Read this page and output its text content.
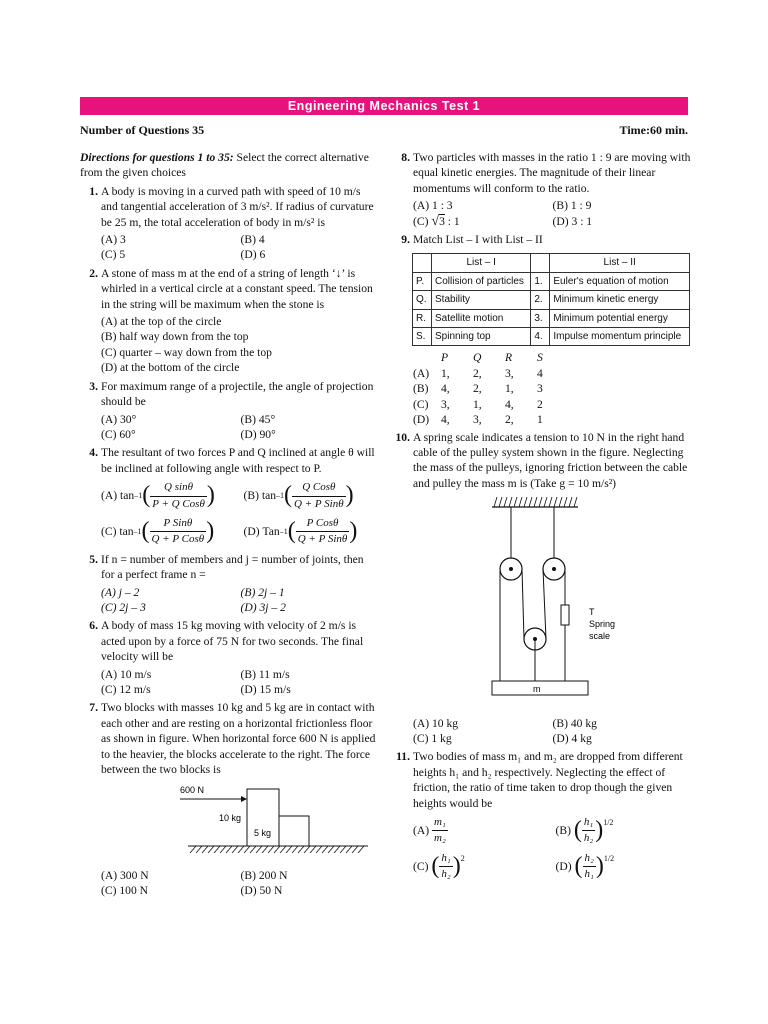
Engineering Mechanics Test 1
Number of Questions 35	Time:60 min.
Directions for questions 1 to 35: Select the correct alternative from the given choices
1. A body is moving in a curved path with speed of 10 m/s and tangential acceleration of 3 m/s². If radius of curvature be 25 m, the total acceleration of body in m/s² is
(A) 3	(B) 4
(C) 5	(D) 6
2. A stone of mass m at the end of a string of length ‘↓’ is whirled in a vertical circle at a constant speed. The tension in the string will be maximum when the stone is
(A) at the top of the circle
(B) half way down from the top
(C) quarter – way down from the top
(D) at the bottom of the circle
3. For maximum range of a projectile, the angle of projection should be
(A) 30°	(B) 45°
(C) 60°	(D) 90°
4. The resultant of two forces P and Q inclined at angle θ will be inclined at following angle with respect to P.
(A)
tan –1 ( $\frac{\text{Q sinθ}}{\text{P + Q Cosθ}}$ ) (B)
tan –1 ( $\frac{\text{Q Cosθ}}{\text{Q + P Sinθ}}$ )
(C)
tan –1 ( $\frac{\text{P Sinθ}}{\text{Q + P Cosθ}}$ )	(D)
Tan –1 ( $\frac{\text{P Cosθ}}{\text{Q + P Sinθ}}$ )
5. If n = number of members and j = number of joints, then for a perfect frame n =
(A) j – 2	(B) 2j – 1
(C) 2j – 3	(D) 3j – 2
6. A body of mass 15 kg moving with velocity of 2 m/s is acted upon by a force of 75 N for two seconds. The final velocity will be
(A) 10 m/s	(B) 11 m/s
(C) 12 m/s	(D) 15 m/s
7. Two blocks with masses 10 kg and 5 kg are in contact with each other and are resting on a horizontal frictionless floor as shown in figure. When horizontal force 600 N is applied to the heavier, the blocks accelerate to the right. The force between the two blocks is
600 N
10 kg
5 kg
(A) 300 N	(B) 200 N
(C) 100 N	(D) 50 N
8. Two particles with masses in the ratio 1 : 9 are moving with equal kinetic energies. The magnitude of their linear momentums will conform to the ratio.
(A) 1 : 3	(B) 1 : 9
(C) √3 : 1	(D) 3 : 1
9. Match List – I with List – II
	List – I		List – II
P.	Collision of particles	1.	Euler's equation of motion
Q.	Stability	2.	Minimum kinetic energy
R.	Satellite motion	3.	Minimum potential energy
S.	Spinning top	4.	Impulse momentum principle
P	Q	R	S
(A)	1,	2,	3,	4
(B)	4,	2,	1,	3
(C)	3,	1,	4,	2
(D)	4,	3,	2,	1
10. A spring scale indicates a tension to 10 N in the right hand cable of the pulley system shown in the figure. Neglecting the mass of the pulleys, ignoring friction between the cable and pulley the mass m is (Take g = 10 m/s²)
T
Spring
scale
m
(A) 10 kg	(B) 40 kg
(C) 1 kg	(D) 4 kg
11. Two bodies of mass m₁ and m₂ are dropped from different heights h₁ and h₂ respectively. Neglecting the effect of friction, the ratio of time taken to drop though the given heights would be
(A)
$\frac{\text{m₁}}{\text{m₂}}$	(B)
( $\frac{\text{h₁}}{\text{h₂}} )^{1/2}$
(C)
( $\frac{\text{h₁}}{\text{h₂}} )^2$
(D)
( $\frac{\text{h₂}}{\text{h₁}} )^{1/2}$
